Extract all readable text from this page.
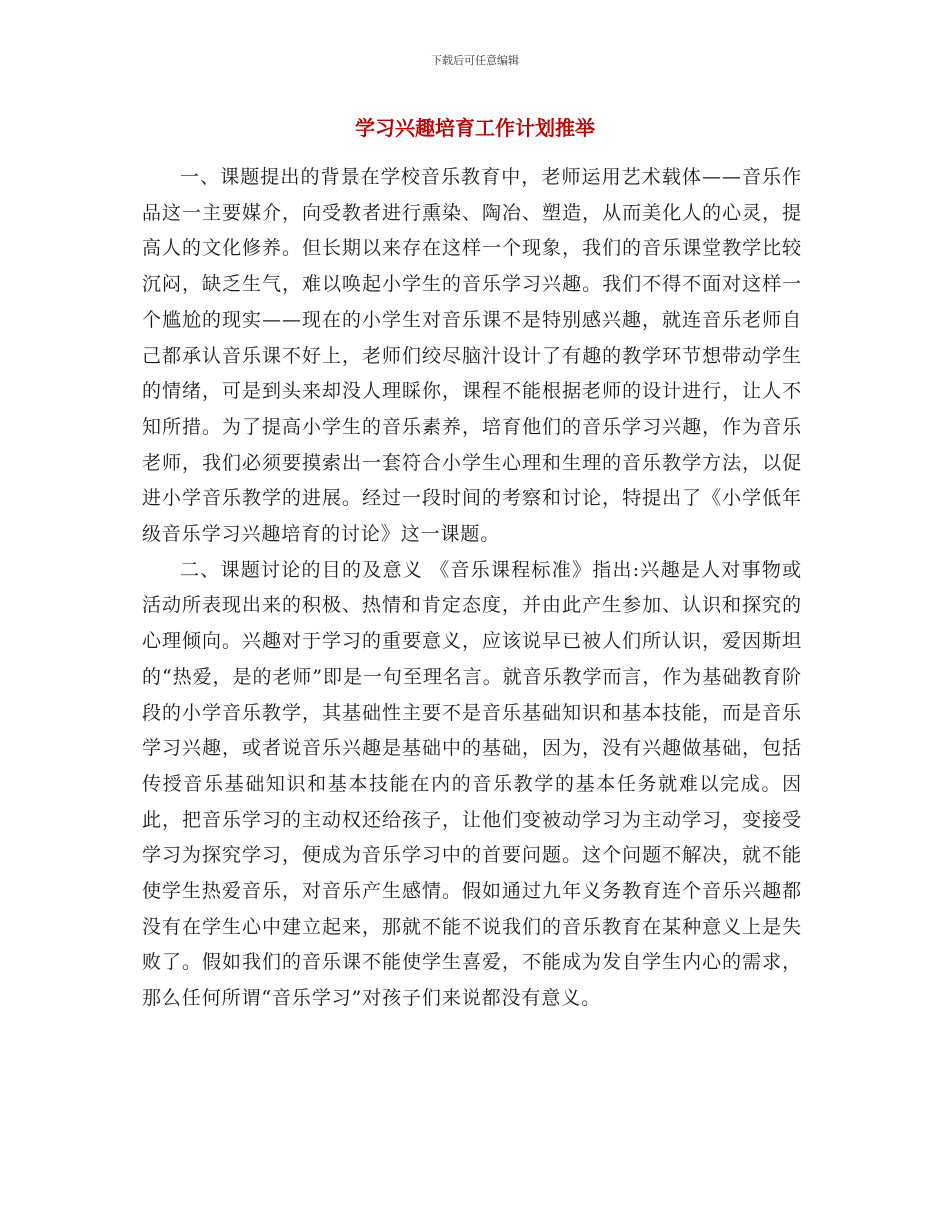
下载后可任意编辑
学习兴趣培育工作计划推举

一、课题提出的背景在学校音乐教育中，老师运用艺术载体——音乐作品这一主要媒介，向受教者进行熏染、陶冶、塑造，从而美化人的心灵，提高人的文化修养。但长期以来存在这样一个现象，我们的音乐课堂教学比较沉闷，缺乏生气，难以唤起小学生的音乐学习兴趣。我们不得不面对这样一个尴尬的现实——现在的小学生对音乐课不是特别感兴趣，就连音乐老师自己都承认音乐课不好上，老师们绞尽脑汁设计了有趣的教学环节想带动学生的情绪，可是到头来却没人理睬你，课程不能根据老师的设计进行，让人不知所措。为了提高小学生的音乐素养，培育他们的音乐学习兴趣，作为音乐老师，我们必须要摸索出一套符合小学生心理和生理的音乐教学方法，以促进小学音乐教学的进展。经过一段时间的考察和讨论，特提出了《小学低年级音乐学习兴趣培育的讨论》这一课题。

二、课题讨论的目的及意义 《音乐课程标准》指出:兴趣是人对事物或活动所表现出来的积极、热情和肯定态度，并由此产生参加、认识和探究的心理倾向。兴趣对于学习的重要意义，应该说早已被人们所认识，爱因斯坦的“热爱，是的老师”即是一句至理名言。就音乐教学而言，作为基础教育阶段的小学音乐教学，其基础性主要不是音乐基础知识和基本技能，而是音乐学习兴趣，或者说音乐兴趣是基础中的基础，因为，没有兴趣做基础，包括传授音乐基础知识和基本技能在内的音乐教学的基本任务就难以完成。因此，把音乐学习的主动权还给孩子，让他们变被动学习为主动学习，变接受学习为探究学习，便成为音乐学习中的首要问题。这个问题不解决，就不能使学生热爱音乐，对音乐产生感情。假如通过九年义务教育连个音乐兴趣都没有在学生心中建立起来，那就不能不说我们的音乐教育在某种意义上是失败了。假如我们的音乐课不能使学生喜爱，不能成为发自学生内心的需求，那么任何所谓“音乐学习”对孩子们来说都没有意义。
